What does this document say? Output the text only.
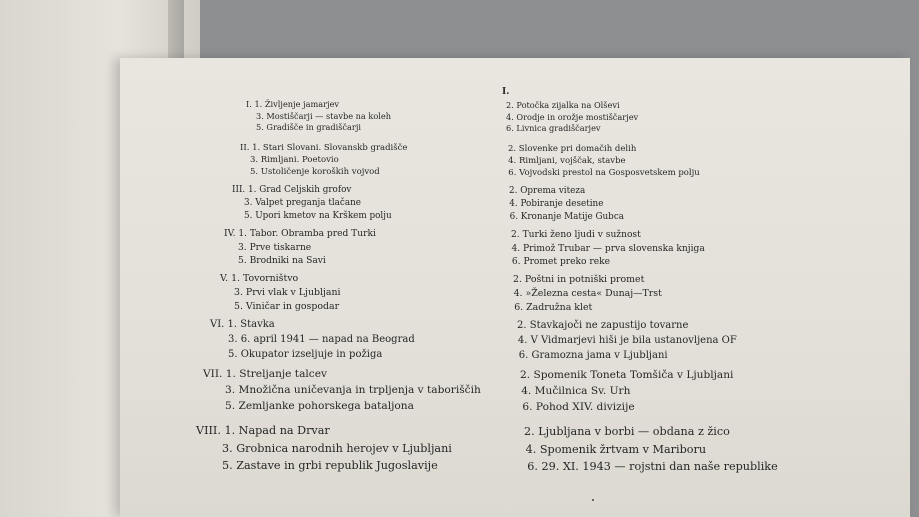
I.
I. 1. Življenje jamarjev
3. Mostiščarji — stavbe na koleh
5. Gradišče in gradiščarji
2. Potočka zijalka na Olševi
4. Orodje in orožje mostiščarjev
6. Livnica gradiščarjev
II. 1. Stari Slovani. Slovanskb gradišče
3. Rimljani. Poetovio
5. Ustoličenje koroških vojvod
2. Slovenke pri domačih delih
4. Rimljani, vojščak, stavbe
6. Vojvodski prestol na Gosposvetskem polju
III. 1. Grad Celjskih grofov
3. Valpet preganja tlačane
5. Upori kmetov na Krškem polju
2. Oprema viteza
4. Pobiranje desetine
6. Kronanje Matije Gubca
IV. 1. Tabor. Obramba pred Turki
3. Prve tiskarne
5. Brodniki na Savi
2. Turki ženo ljudi v sužnost
4. Primož Trubar — prva slovenska knjiga
6. Promet preko reke
V. 1. Tovorništvo
3. Prvi vlak v Ljubljani
5. Viničar in gospodar
2. Poštni in potniški promet
4. »Železna cesta« Dunaj—Trst
6. Zadružna klet
VI. 1. Stavka
3. 6. april 1941 — napad na Beograd
5. Okupator izseljuje in požiga
2. Stavkajoči ne zapustijo tovarne
4. V Vidmarjevi hiši je bila ustanovljena OF
6. Gramozna jama v Ljubljani
VII. 1. Streljanje talcev
3. Množična uničevanja in trpljenja v taboriščih
5. Zemljanke pohorskega bataljona
2. Spomenik Toneta Tomšiča v Ljubljani
4. Mučilnica Sv. Urh
6. Pohod XIV. divizije
VIII. 1. Napad na Drvar
3. Grobnica narodnih herojev v Ljubljani
5. Zastave in grbi republik Jugoslavije
2. Ljubljana v borbi — obdana z žico
4. Spomenik žrtvam v Mariboru
6. 29. XI. 1943 — rojstni dan naše republike
